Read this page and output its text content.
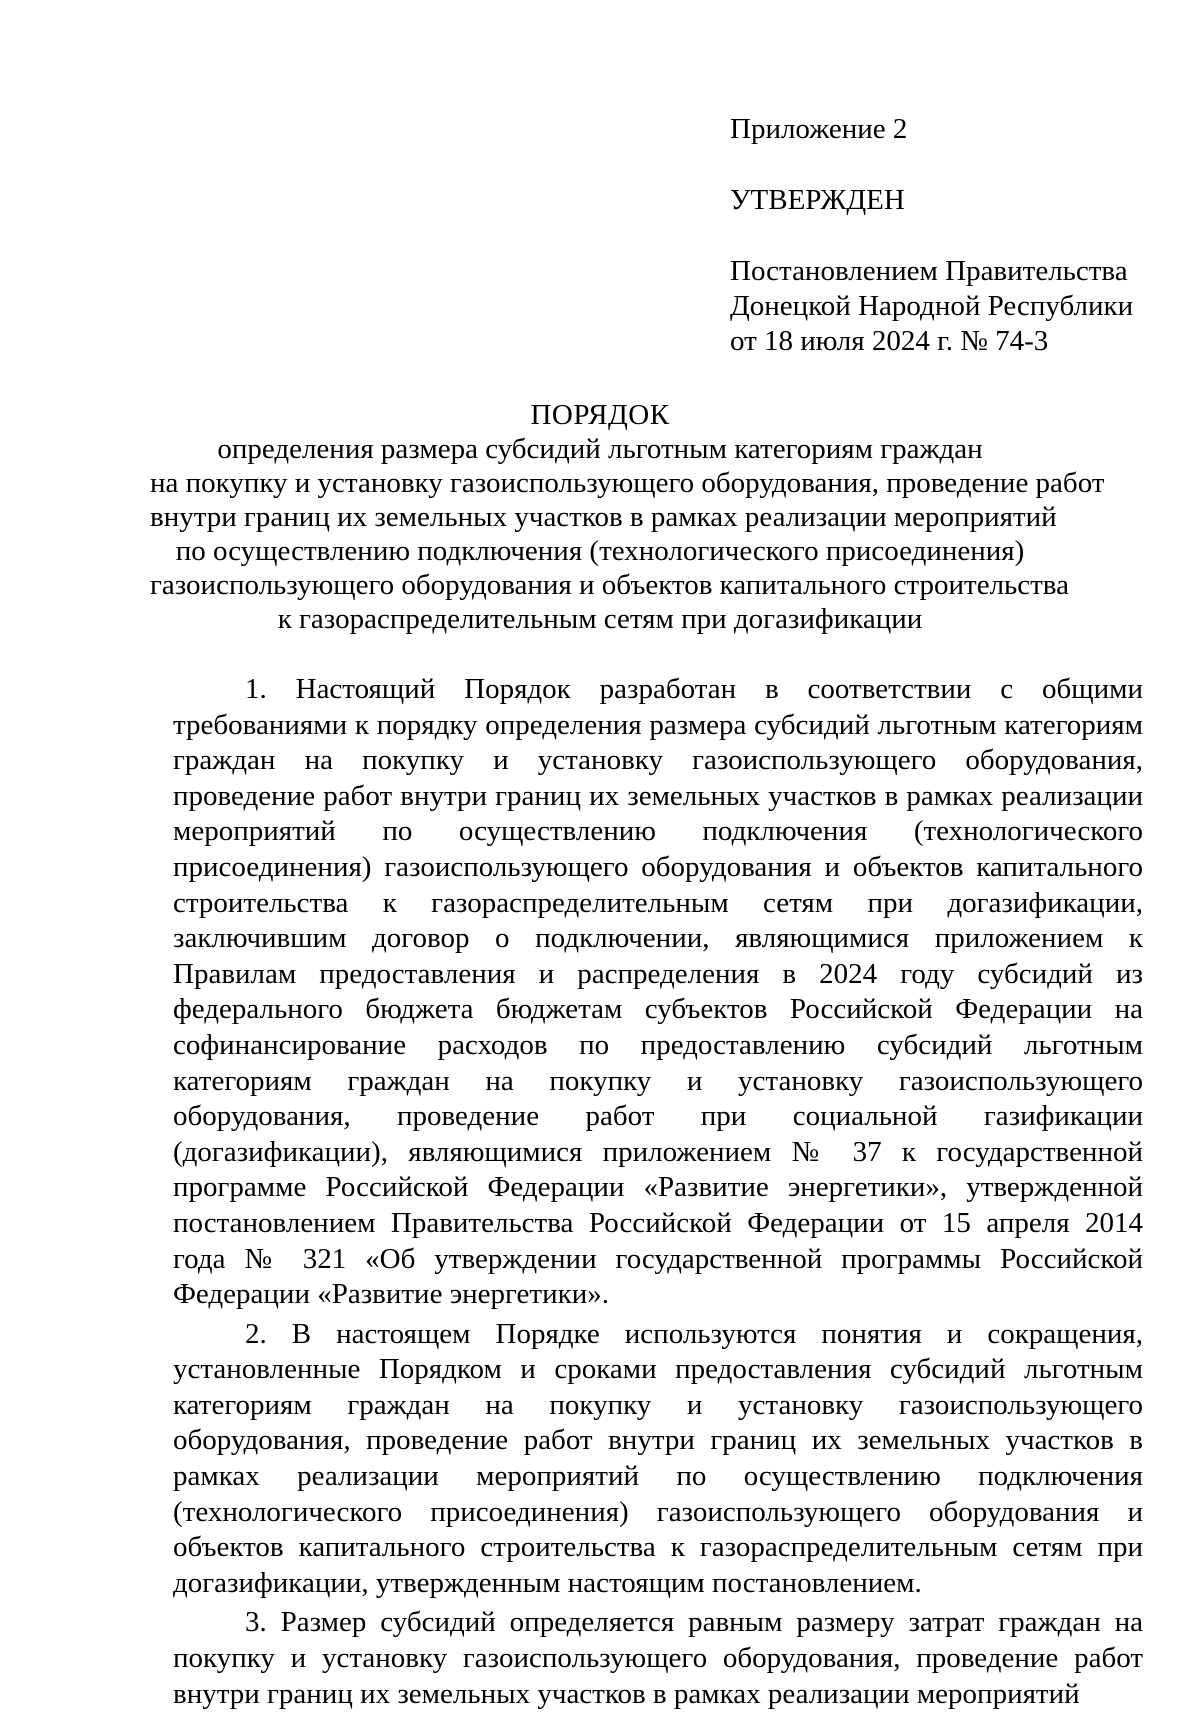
Приложение 2
УТВЕРЖДЕН
Постановлением Правительства
Донецкой Народной Республики
от 18 июля 2024 г. № 74-3
ПОРЯДОК
определения размера субсидий льготным категориям граждан
на покупку и установку газоиспользующего оборудования, проведение работ
внутри границ их земельных участков в рамках реализации мероприятий
по осуществлению подключения (технологического присоединения)
газоиспользующего оборудования и объектов капитального строительства
к газораспределительным сетям при догазификации

1. Настоящий Порядок разработан в соответствии с общими требованиями к порядку определения размера субсидий льготным категориям граждан на покупку и установку газоиспользующего оборудования, проведение работ внутри границ их земельных участков в рамках реализации мероприятий по осуществлению подключения (технологического присоединения) газоиспользующего оборудования и объектов капитального строительства к газораспределительным сетям при догазификации, заключившим договор о подключении, являющимися приложением к Правилам предоставления и распределения в 2024 году субсидий из федерального бюджета бюджетам субъектов Российской Федерации на софинансирование расходов по предоставлению субсидий льготным категориям граждан на покупку и установку газоиспользующего оборудования, проведение работ при социальной газификации (догазификации), являющимися приложением № 37 к государственной программе Российской Федерации «Развитие энергетики», утвержденной постановлением Правительства Российской Федерации от 15 апреля 2014 года № 321 «Об утверждении государственной программы Российской Федерации «Развитие энергетики».

2. В настоящем Порядке используются понятия и сокращения, установленные Порядком и сроками предоставления субсидий льготным категориям граждан на покупку и установку газоиспользующего оборудования, проведение работ внутри границ их земельных участков в рамках реализации мероприятий по осуществлению подключения (технологического присоединения) газоиспользующего оборудования и объектов капитального строительства к газораспределительным сетям при догазификации, утвержденным настоящим постановлением.

3. Размер субсидий определяется равным размеру затрат граждан на покупку и установку газоиспользующего оборудования, проведение работ внутри границ их земельных участков в рамках реализации мероприятий
